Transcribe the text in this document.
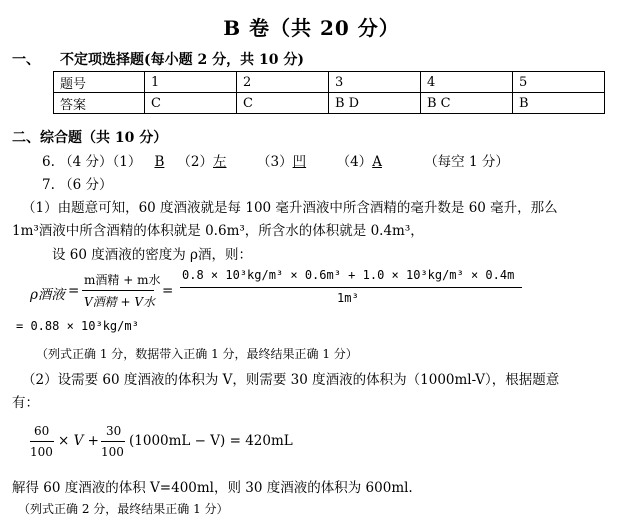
B 卷（共 20 分）
一、 不定项选择题(每小题 2 分，共 10 分)
题号	1	2	3	4	5
答案	C	C	B D	B C	B
二、综合题（共 10 分）
6. （4 分）（1） B （2）左 （3）凹 （4）A	（每空 1 分）
7. （6 分）
（1）由题意可知，60 度酒液就是每 100 毫升酒液中所含酒精的毫升数是 60 毫升，那么
1m³酒液中所含酒精的体积就是 0.6m³，所含水的体积就是 0.4m³，
设 60 度酒液的密度为 ρ酒，则：
ρ酒液 =
m酒精 + m水
V酒精 + V水
=
0.8 × 10³kg/m³ × 0.6m³ + 1.0 × 10³kg/m³ × 0.4m
1m³
= 0.88 × 10³kg/m³
（列式正确 1 分，数据带入正确 1 分，最终结果正确 1 分）
（2）设需要 60 度酒液的体积为 V，则需要 30 度酒液的体积为（1000ml-V），根据题意
有：
60
100
× V +
30
100
(1000mL − V) = 420mL
解得 60 度酒液的体积 V=400ml，则 30 度酒液的体积为 600ml.
（列式正确 2 分，最终结果正确 1 分）
